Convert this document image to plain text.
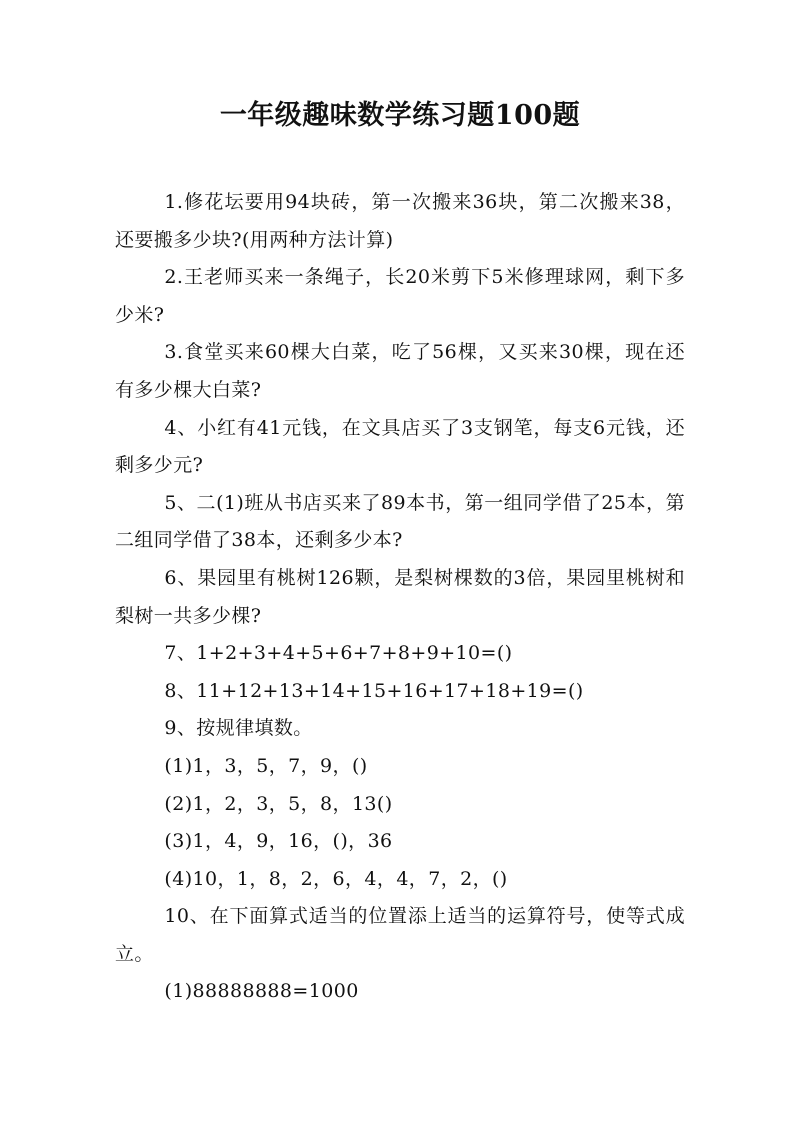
一年级趣味数学练习题100题

1.修花坛要用94块砖，第一次搬来36块，第二次搬来38，还要搬多少块?(用两种方法计算)

2.王老师买来一条绳子，长20米剪下5米修理球网，剩下多少米?

3.食堂买来60棵大白菜，吃了56棵，又买来30棵，现在还有多少棵大白菜?

4、小红有41元钱，在文具店买了3支钢笔，每支6元钱，还剩多少元?

5、二(1)班从书店买来了89本书，第一组同学借了25本，第二组同学借了38本，还剩多少本?

6、果园里有桃树126颗，是梨树棵数的3倍，果园里桃树和梨树一共多少棵?

7、1+2+3+4+5+6+7+8+9+10=()

8、11+12+13+14+15+16+17+18+19=()

9、按规律填数。

(1)1，3，5，7，9，()

(2)1，2，3，5，8，13()

(3)1，4，9，16，()，36

(4)10，1，8，2，6，4，4，7，2，()

10、在下面算式适当的位置添上适当的运算符号，使等式成立。

(1)88888888=1000
